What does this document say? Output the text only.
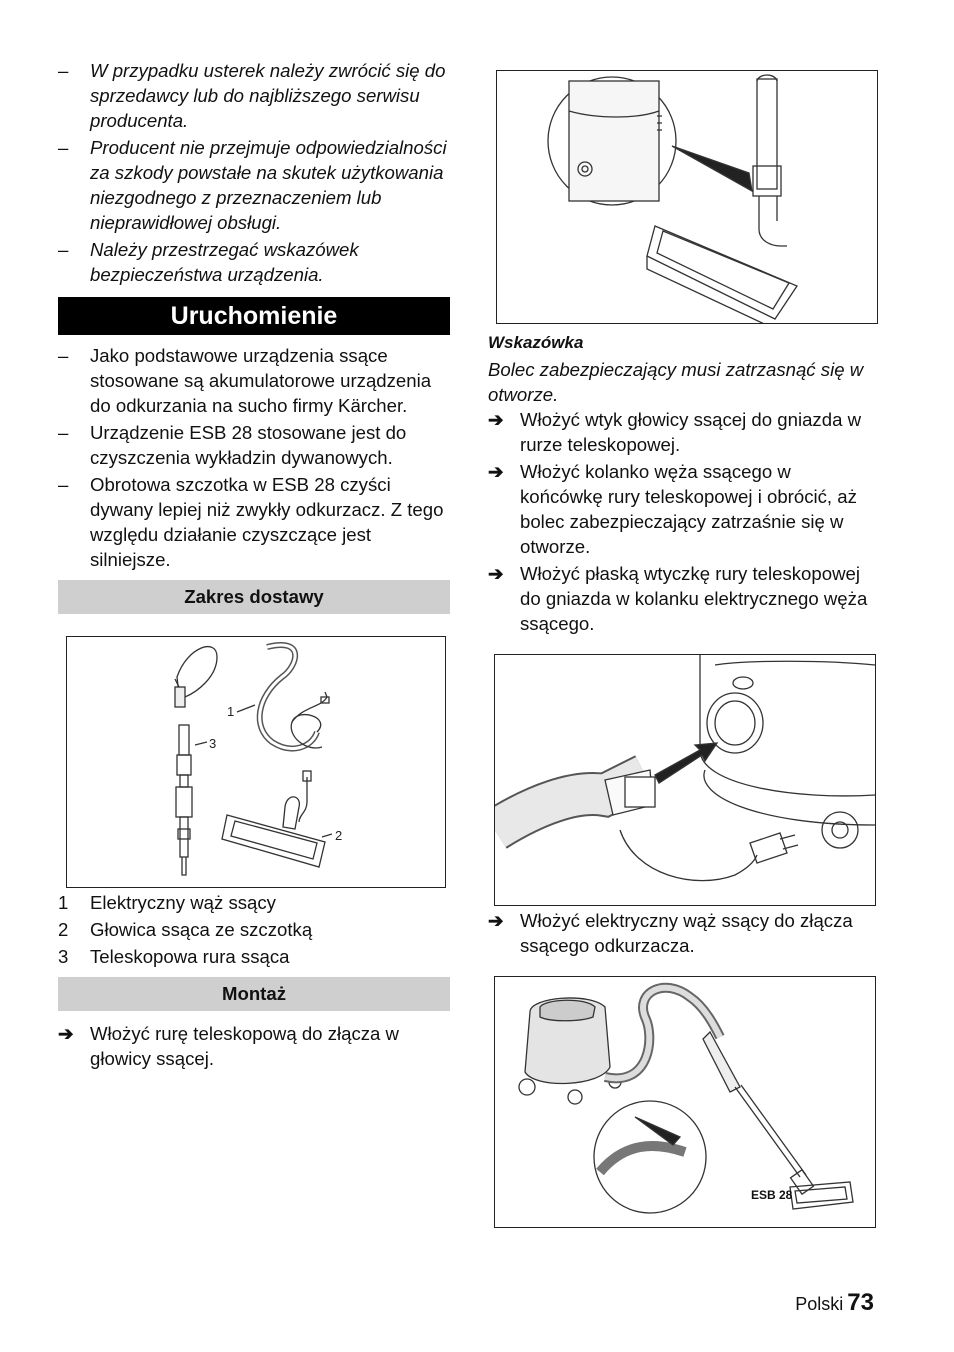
–	W przypadku usterek należy zwrócić się do sprzedawcy lub do najbliższego serwisu producenta.
–	Producent nie przejmuje odpowiedzialności za szkody powstałe na skutek użytkowania niezgodnego z przeznaczeniem lub nieprawidłowej obsługi.
–	Należy przestrzegać wskazówek bezpieczeństwa urządzenia.
Uruchomienie
–	Jako podstawowe urządzenia ssące stosowane są akumulatorowe urządzenia do odkurzania na sucho firmy Kärcher.
–	Urządzenie ESB 28 stosowane jest do czyszczenia wykładzin dywanowych.
–	Obrotowa szczotka w ESB 28 czyści dywany lepiej niż zwykły odkurzacz. Z tego względu działanie czyszczące jest silniejsze.
Zakres dostawy
1
2
3
1	Elektryczny wąż ssący
2	Głowica ssąca ze szczotką
3	Teleskopowa rura ssąca
Montaż
➔ Włożyć rurę teleskopową do złącza w głowicy ssącej.
Wskazówka
Bolec zabezpieczający musi zatrzasnąć się w otworze.
➔ Włożyć wtyk głowicy ssącej do gniazda w rurze teleskopowej.
➔ Włożyć kolanko węża ssącego w końcówkę rury teleskopowej i obrócić, aż bolec zabezpieczający zatrzaśnie się w otworze.
➔ Włożyć płaską wtyczkę rury teleskopowej do gniazda w kolanku elektrycznego węża ssącego.
➔ Włożyć elektryczny wąż ssący do złącza ssącego odkurzacza.
ESB 28
Polski 73
